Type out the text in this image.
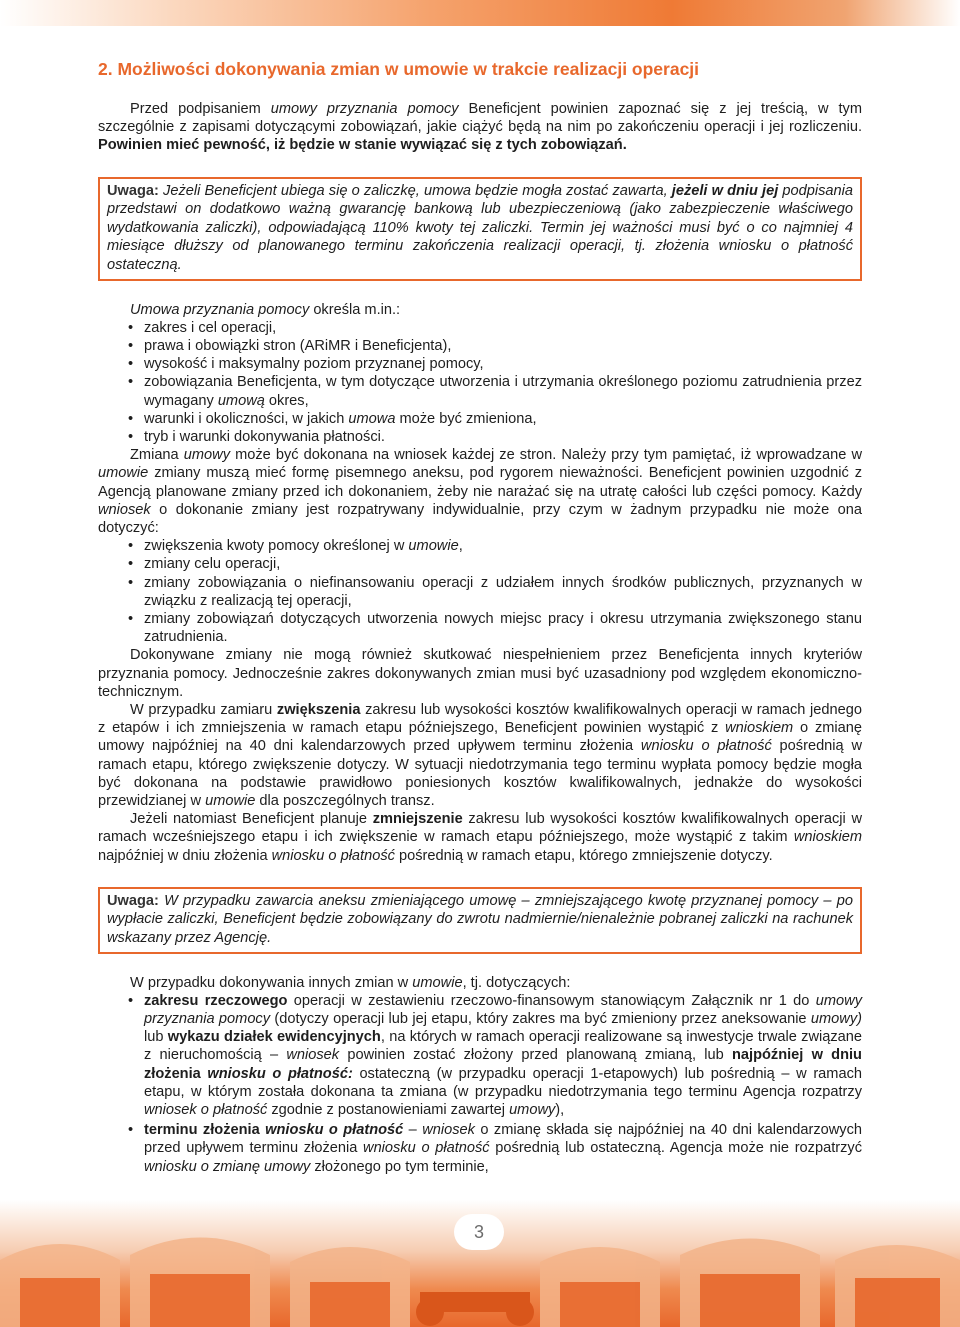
2. Możliwości dokonywania zmian w umowie w trakcie realizacji operacji

Przed podpisaniem umowy przyznania pomocy Beneficjent powinien zapoznać się z jej treścią, w tym szczególnie z zapisami dotyczącymi zobowiązań, jakie ciążyć będą na nim po zakończeniu operacji i jej rozliczeniu. Powinien mieć pewność, iż będzie w stanie wywiązać się z tych zobowiązań.

Uwaga: Jeżeli Beneficjent ubiega się o zaliczkę, umowa będzie mogła zostać zawarta, jeżeli w dniu jej podpisania przedstawi on dodatkowo ważną gwarancję bankową lub ubezpieczeniową (jako zabezpieczenie właściwego wydatkowania zaliczki), odpowiadającą 110% kwoty tej zaliczki. Termin jej ważności musi być o co najmniej 4 miesiące dłuższy od planowanego terminu zakończenia realizacji operacji, tj. złożenia wniosku o płatność ostateczną.

Umowa przyznania pomocy określa m.in.:

• zakres i cel operacji,
• prawa i obowiązki stron (ARiMR i Beneficjenta),
• wysokość i maksymalny poziom przyznanej pomocy,
• zobowiązania Beneficjenta, w tym dotyczące utworzenia i utrzymania określonego poziomu zatrudnienia przez wymagany umową okres,
• warunki i okoliczności, w jakich umowa może być zmieniona,
• tryb i warunki dokonywania płatności.

Zmiana umowy może być dokonana na wniosek każdej ze stron. Należy przy tym pamiętać, iż wprowadzane w umowie zmiany muszą mieć formę pisemnego aneksu, pod rygorem nieważności. Beneficjent powinien uzgodnić z Agencją planowane zmiany przed ich dokonaniem, żeby nie narażać się na utratę całości lub części pomocy. Każdy wniosek o dokonanie zmiany jest rozpatrywany indywidualnie, przy czym w żadnym przypadku nie może ona dotyczyć:

• zwiększenia kwoty pomocy określonej w umowie,
• zmiany celu operacji,
• zmiany zobowiązania o niefinansowaniu operacji z udziałem innych środków publicznych, przyznanych w związku z realizacją tej operacji,
• zmiany zobowiązań dotyczących utworzenia nowych miejsc pracy i okresu utrzymania zwiększonego stanu zatrudnienia.

Dokonywane zmiany nie mogą również skutkować niespełnieniem przez Beneficjenta innych kryteriów przyznania pomocy. Jednocześnie zakres dokonywanych zmian musi być uzasadniony pod względem ekonomiczno-technicznym.

W przypadku zamiaru zwiększenia zakresu lub wysokości kosztów kwalifikowalnych operacji w ramach jednego z etapów i ich zmniejszenia w ramach etapu późniejszego, Beneficjent powinien wystąpić z wnioskiem o zmianę umowy najpóźniej na 40 dni kalendarzowych przed upływem terminu złożenia wniosku o płatność pośrednią w ramach etapu, którego zwiększenie dotyczy. W sytuacji niedotrzymania tego terminu wypłata pomocy będzie mogła być dokonana na podstawie prawidłowo poniesionych kosztów kwalifikowalnych, jednakże do wysokości przewidzianej w umowie dla poszczególnych transz.

Jeżeli natomiast Beneficjent planuje zmniejszenie zakresu lub wysokości kosztów kwalifikowalnych operacji w ramach wcześniejszego etapu i ich zwiększenie w ramach etapu późniejszego, może wystąpić z takim wnioskiem najpóźniej w dniu złożenia wniosku o płatność pośrednią w ramach etapu, którego zmniejszenie dotyczy.

Uwaga: W przypadku zawarcia aneksu zmieniającego umowę – zmniejszającego kwotę przyznanej pomocy – po wypłacie zaliczki, Beneficjent będzie zobowiązany do zwrotu nadmiernie/nienależnie pobranej zaliczki na rachunek wskazany przez Agencję.

W przypadku dokonywania innych zmian w umowie, tj. dotyczących:

• zakresu rzeczowego operacji w zestawieniu rzeczowo-finansowym stanowiącym Załącznik nr 1 do umowy przyznania pomocy (dotyczy operacji lub jej etapu, który zakres ma być zmieniony przez aneksowanie umowy) lub wykazu działek ewidencyjnych, na których w ramach operacji realizowane są inwestycje trwale związane z nieruchomością – wniosek powinien zostać złożony przed planowaną zmianą, lub najpóźniej w dniu złożenia wniosku o płatność: ostateczną (w przypadku operacji 1-etapowych) lub pośrednią – w ramach etapu, w którym została dokonana ta zmiana (w przypadku niedotrzymania tego terminu Agencja rozpatrzy wniosek o płatność zgodnie z postanowieniami zawartej umowy),
• terminu złożenia wniosku o płatność – wniosek o zmianę składa się najpóźniej na 40 dni kalendarzowych przed upływem terminu złożenia wniosku o płatność pośrednią lub ostateczną. Agencja może nie rozpatrzyć wniosku o zmianę umowy złożonego po tym terminie,
3
